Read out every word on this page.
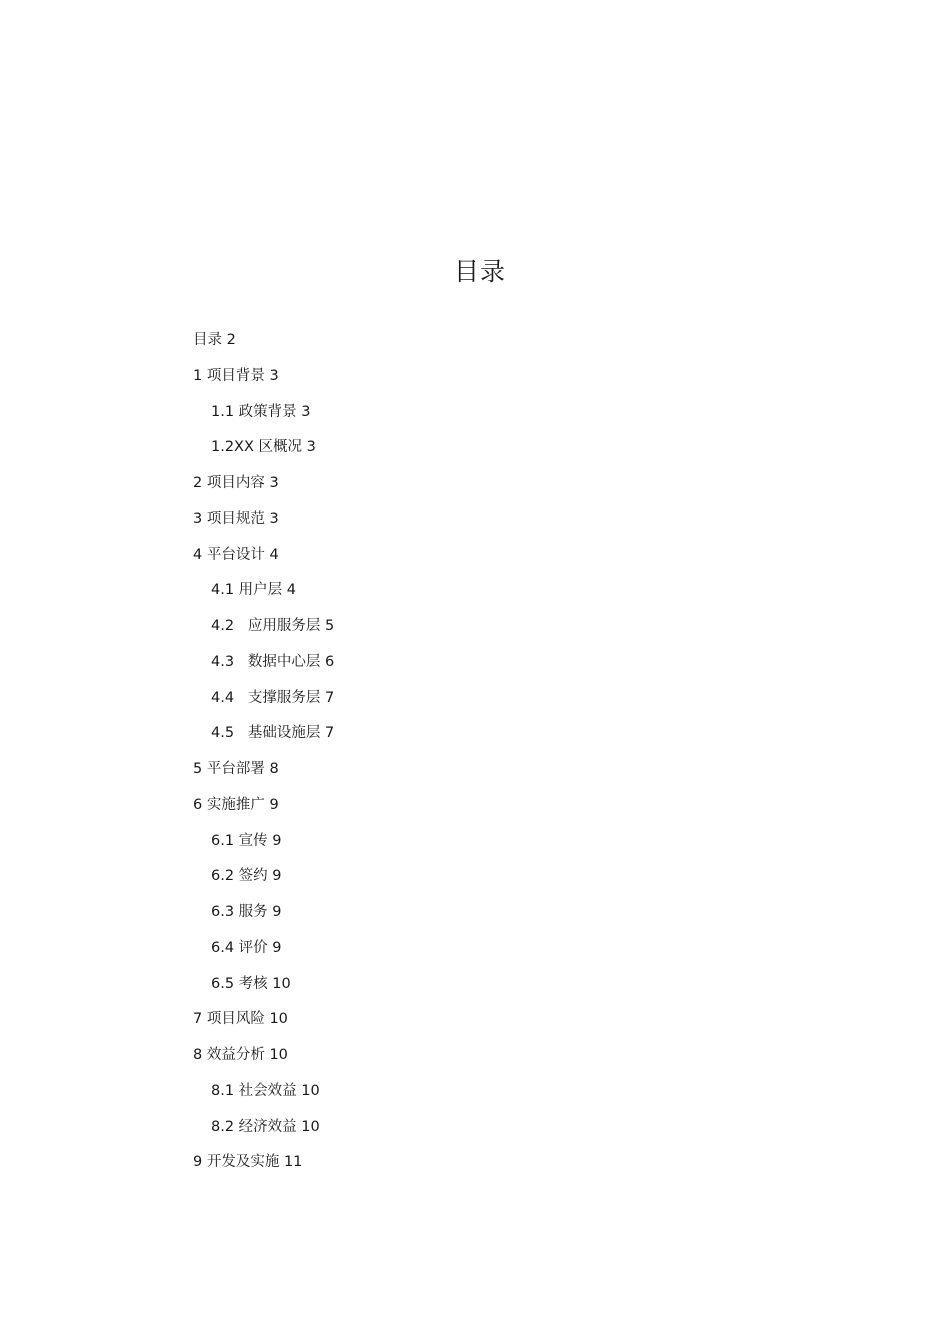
目录
目录 2
1 项目背景 3
1.1 政策背景 3
1.2XX 区概况 3
2 项目内容 3
3 项目规范 3
4 平台设计 4
4.1 用户层 4
4.2   应用服务层 5
4.3   数据中心层 6
4.4   支撑服务层 7
4.5   基础设施层 7
5 平台部署 8
6 实施推广 9
6.1 宣传 9
6.2 签约 9
6.3 服务 9
6.4 评价 9
6.5 考核 10
7 项目风险 10
8 效益分析 10
8.1 社会效益 10
8.2 经济效益 10
9 开发及实施 11
